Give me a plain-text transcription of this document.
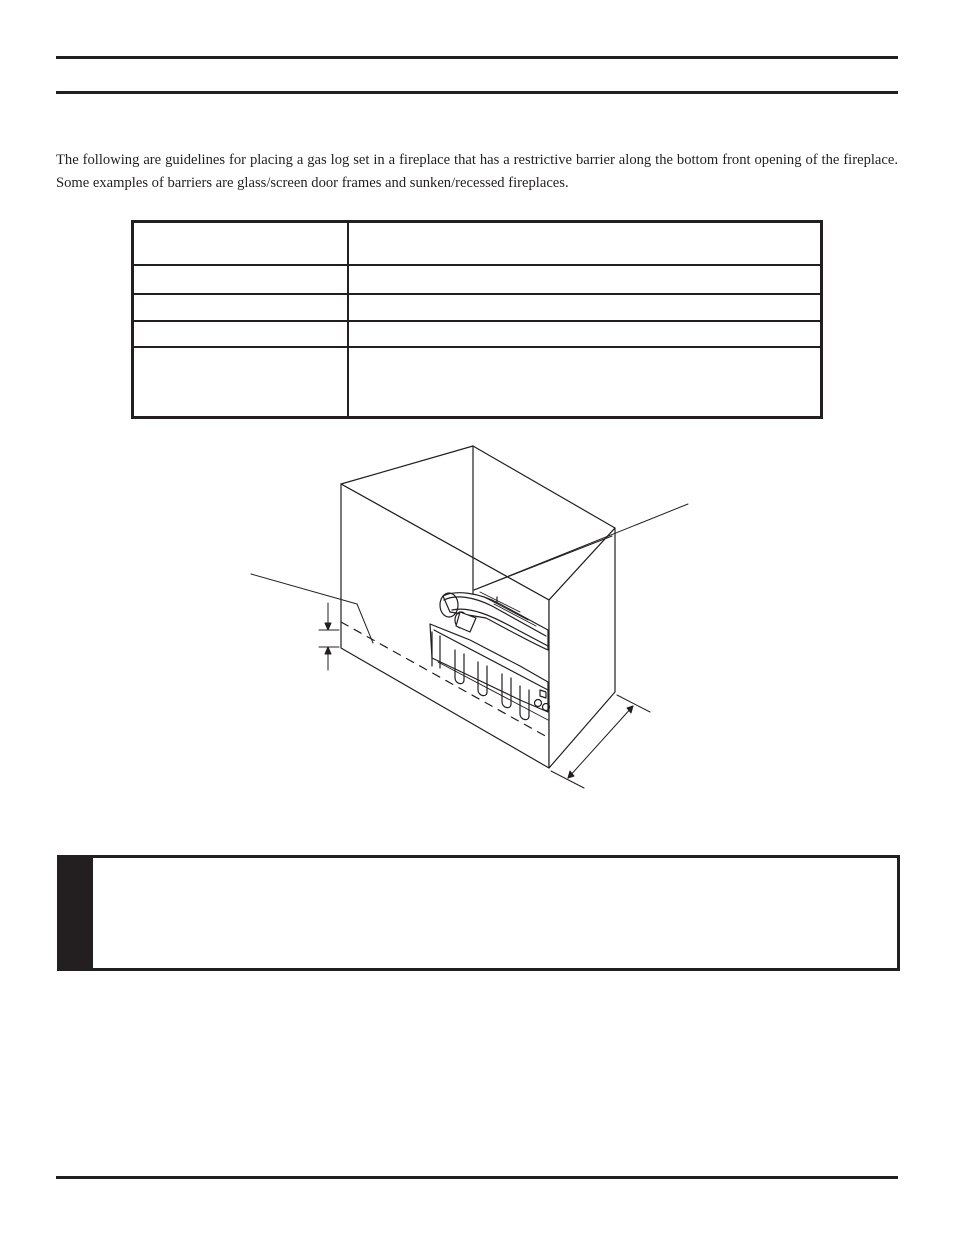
The following are guidelines for placing a gas log set in a fireplace that has a restrictive barrier along the bottom front opening of the fireplace. Some examples of barriers are glass/screen door frames and sunken/recessed fireplaces.
